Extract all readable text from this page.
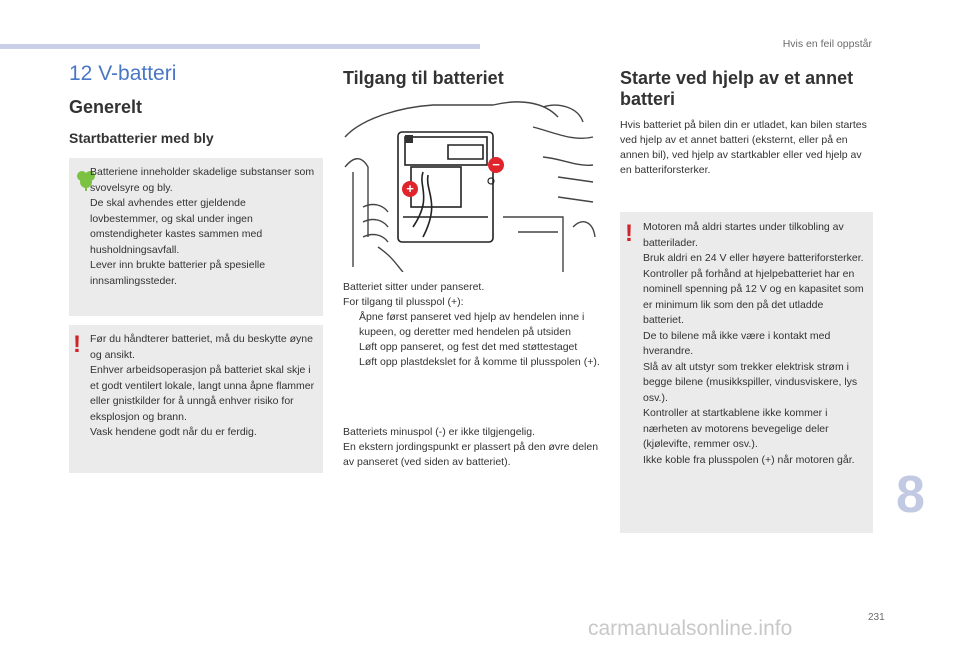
Hvis en feil oppstår
12 V-batteri
Generelt
Startbatterier med bly
Batteriene inneholder skadelige substanser som svovelsyre og bly.
De skal avhendes etter gjeldende lovbestemmer, og skal under ingen omstendigheter kastes sammen med husholdningsavfall.
Lever inn brukte batterier på spesielle innsamlingssteder.
! Før du håndterer batteriet, må du beskytte øyne og ansikt.
Enhver arbeidsoperasjon på batteriet skal skje i et godt ventilert lokale, langt unna åpne flammer eller gnistkilder for å unngå enhver risiko for eksplosjon og brann.
Vask hendene godt når du er ferdig.
Tilgang til batteriet
+
−
Batteriet sitter under panseret.
For tilgang til plusspol (+):
Åpne først panseret ved hjelp av hendelen inne i kupeen, og deretter med hendelen på utsiden
Løft opp panseret, og fest det med støttestaget
Løft opp plastdekslet for å komme til plusspolen (+).
Batteriets minuspol (-) er ikke tilgjengelig.
En ekstern jordingspunkt er plassert på den øvre delen av panseret (ved siden av batteriet).
Starte ved hjelp av et annet batteri
Hvis batteriet på bilen din er utladet, kan bilen startes ved hjelp av et annet batteri (eksternt, eller på en annen bil), ved hjelp av startkabler eller ved hjelp av en batteriforsterker.
! Motoren må aldri startes under tilkobling av batterilader.
Bruk aldri en 24 V eller høyere batteriforsterker.
Kontroller på forhånd at hjelpebatteriet har en nominell spenning på 12 V og en kapasitet som er minimum lik som den på det utladde batteriet.
De to bilene må ikke være i kontakt med hverandre.
Slå av alt utstyr som trekker elektrisk strøm i begge bilene (musikkspiller, vindusviskere, lys osv.).
Kontroller at startkablene ikke kommer i nærheten av motorens bevegelige deler (kjølevifte, remmer osv.).
Ikke koble fra plusspolen (+) når motoren går.
8
231
carmanualsonline.info
